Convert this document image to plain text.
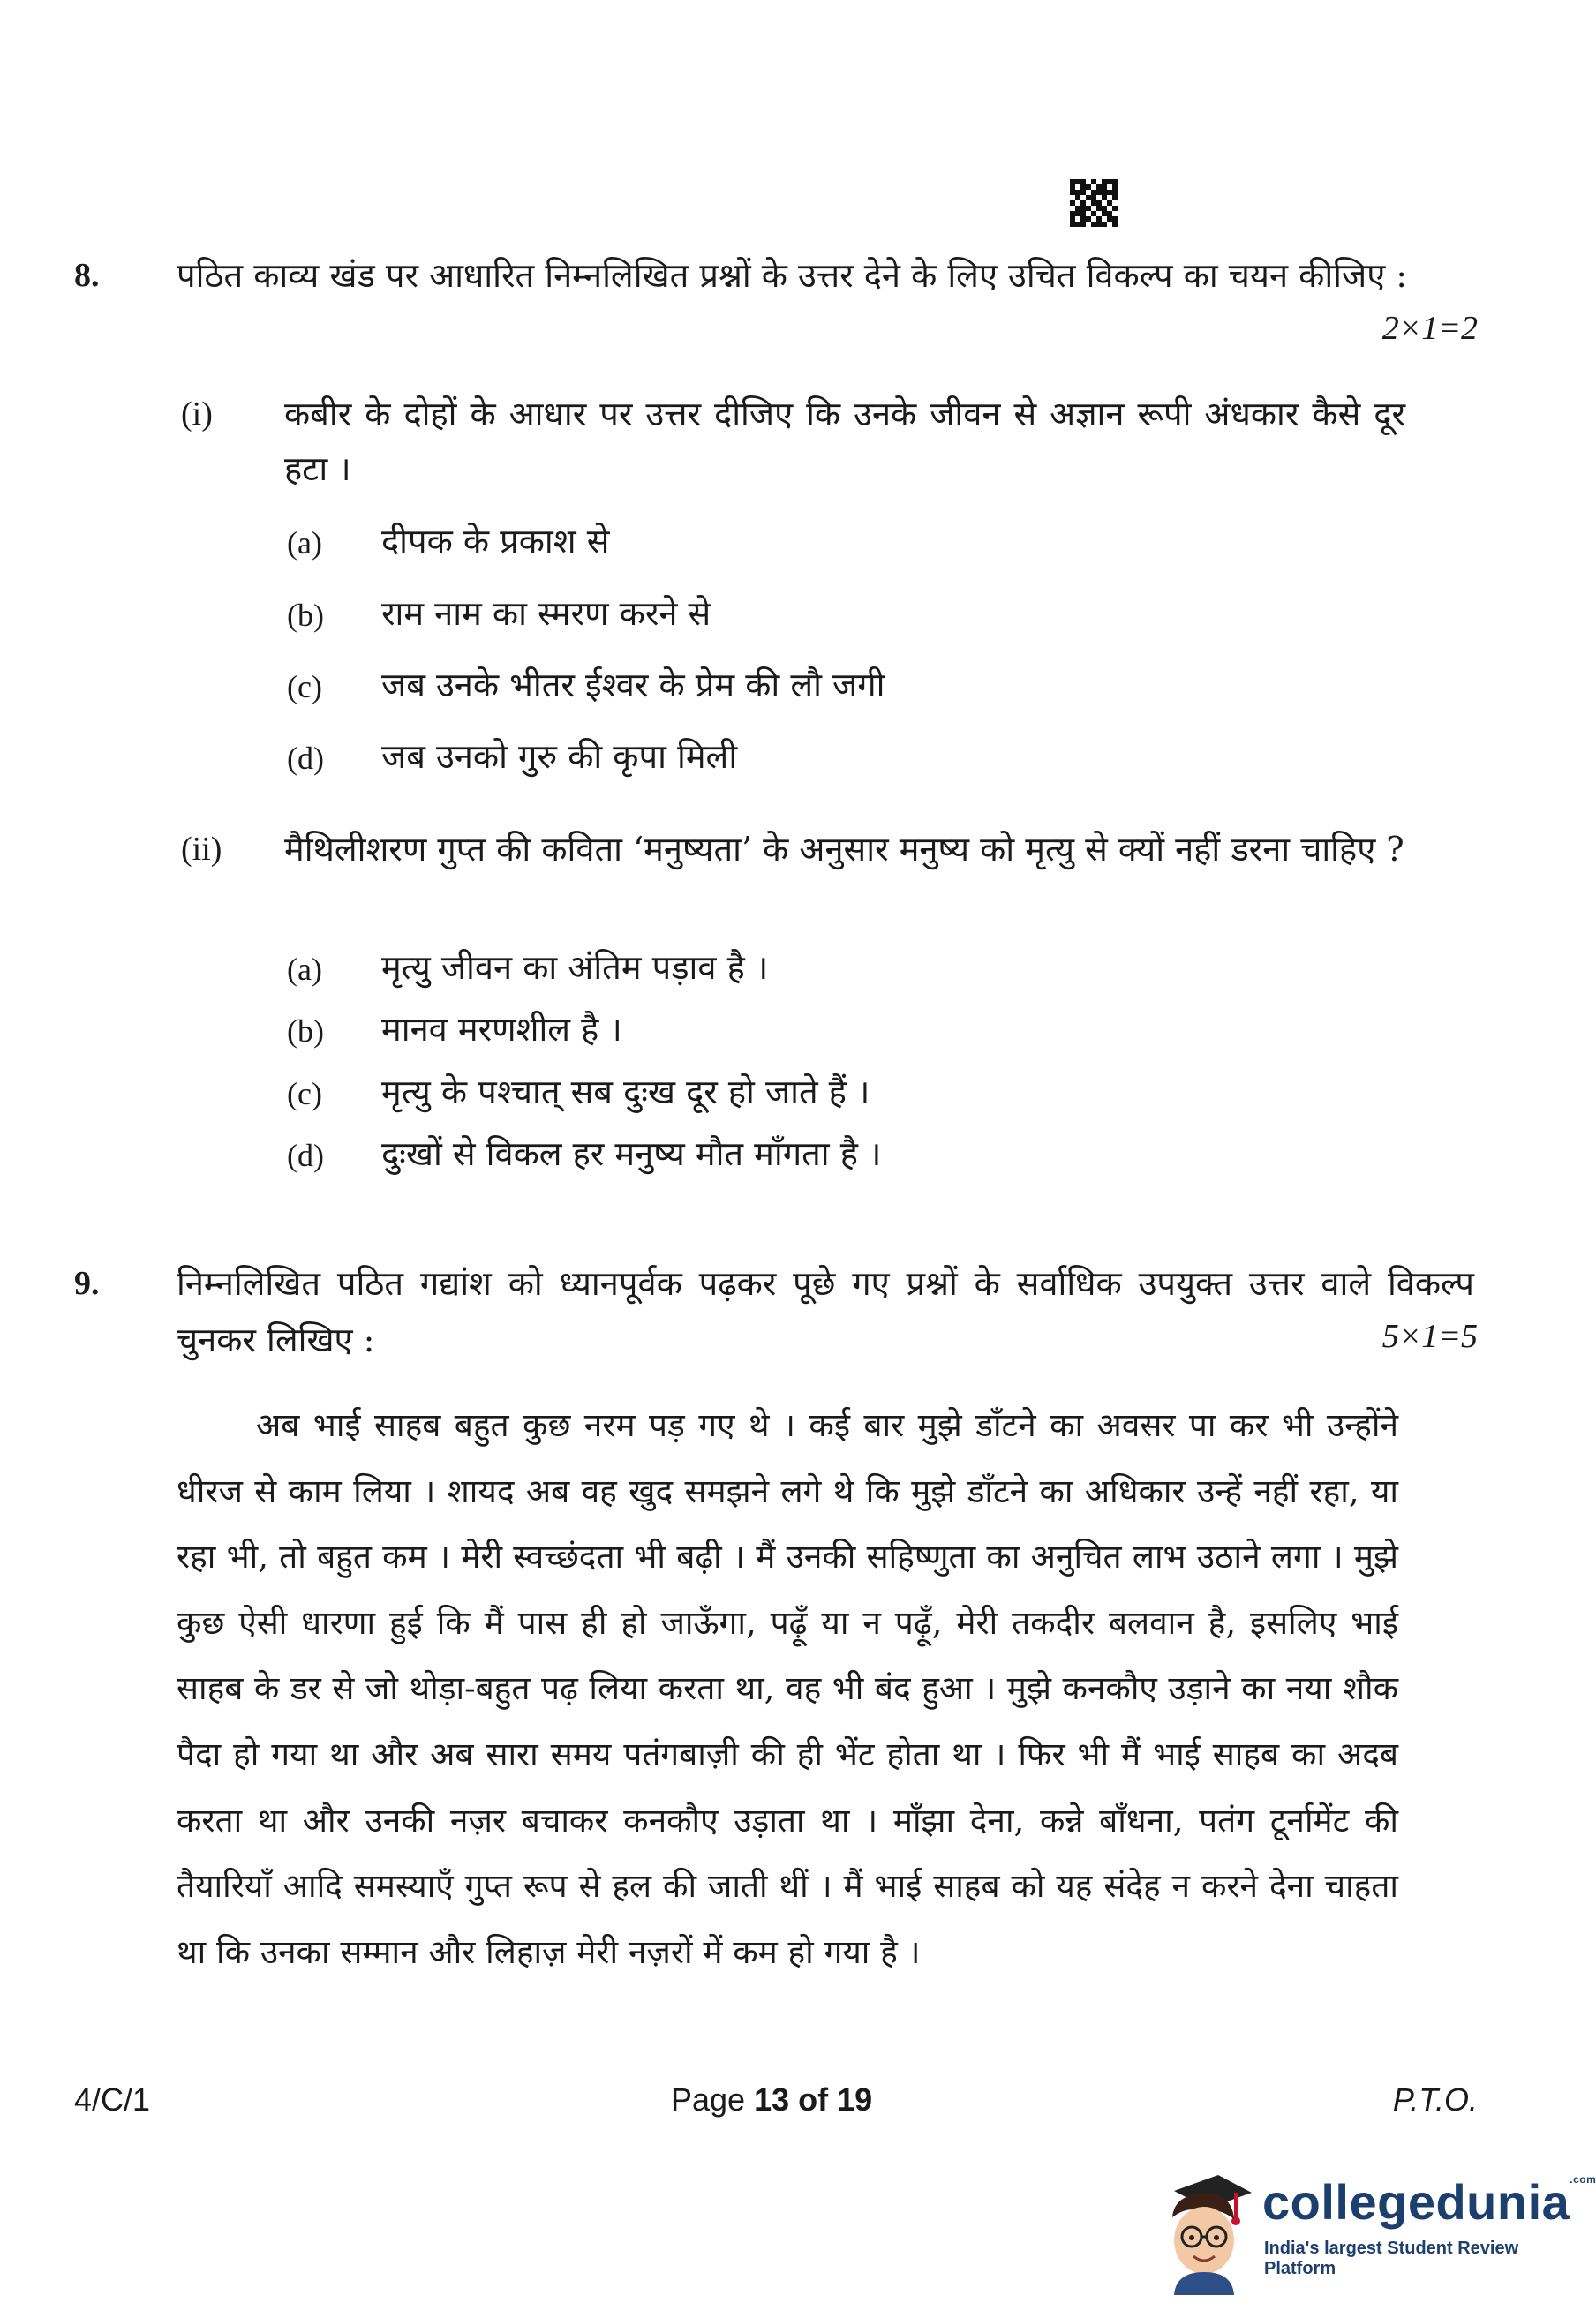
8. पठित काव्य खंड पर आधारित निम्नलिखित प्रश्नों के उत्तर देने के लिए उचित विकल्प का चयन कीजिए :
2×1=2
(i) कबीर के दोहों के आधार पर उत्तर दीजिए कि उनके जीवन से अज्ञान रूपी अंधकार कैसे दूर हटा ।
(a) दीपक के प्रकाश से
(b) राम नाम का स्मरण करने से
(c) जब उनके भीतर ईश्वर के प्रेम की लौ जगी
(d) जब उनको गुरु की कृपा मिली
(ii) मैथिलीशरण गुप्त की कविता ‘मनुष्यता’ के अनुसार मनुष्य को मृत्यु से क्यों नहीं डरना चाहिए ?
(a) मृत्यु जीवन का अंतिम पड़ाव है ।
(b) मानव मरणशील है ।
(c) मृत्यु के पश्चात् सब दुःख दूर हो जाते हैं ।
(d) दुःखों से विकल हर मनुष्य मौत माँगता है ।
9. निम्नलिखित पठित गद्यांश को ध्यानपूर्वक पढ़कर पूछे गए प्रश्नों के सर्वाधिक उपयुक्त उत्तर वाले विकल्प चुनकर लिखिए :	5×1=5
अब भाई साहब बहुत कुछ नरम पड़ गए थे । कई बार मुझे डाँटने का अवसर पा कर भी उन्होंने धीरज से काम लिया । शायद अब वह खुद समझने लगे थे कि मुझे डाँटने का अधिकार उन्हें नहीं रहा, या रहा भी, तो बहुत कम । मेरी स्वच्छंदता भी बढ़ी । मैं उनकी सहिष्णुता का अनुचित लाभ उठाने लगा । मुझे कुछ ऐसी धारणा हुई कि मैं पास ही हो जाऊँगा, पढ़ूँ या न पढ़ूँ, मेरी तकदीर बलवान है, इसलिए भाई साहब के डर से जो थोड़ा-बहुत पढ़ लिया करता था, वह भी बंद हुआ । मुझे कनकौए उड़ाने का नया शौक पैदा हो गया था और अब सारा समय पतंगबाज़ी की ही भेंट होता था । फिर भी मैं भाई साहब का अदब करता था और उनकी नज़र बचाकर कनकौए उड़ाता था । माँझा देना, कन्ने बाँधना, पतंग टूर्नामेंट की तैयारियाँ आदि समस्याएँ गुप्त रूप से हल की जाती थीं । मैं भाई साहब को यह संदेह न करने देना चाहता था कि उनका सम्मान और लिहाज़ मेरी नज़रों में कम हो गया है ।
4/C/1	Page 13 of 19	P.T.O.
collegedunia$^{.com}$
India's largest Student Review Platform
